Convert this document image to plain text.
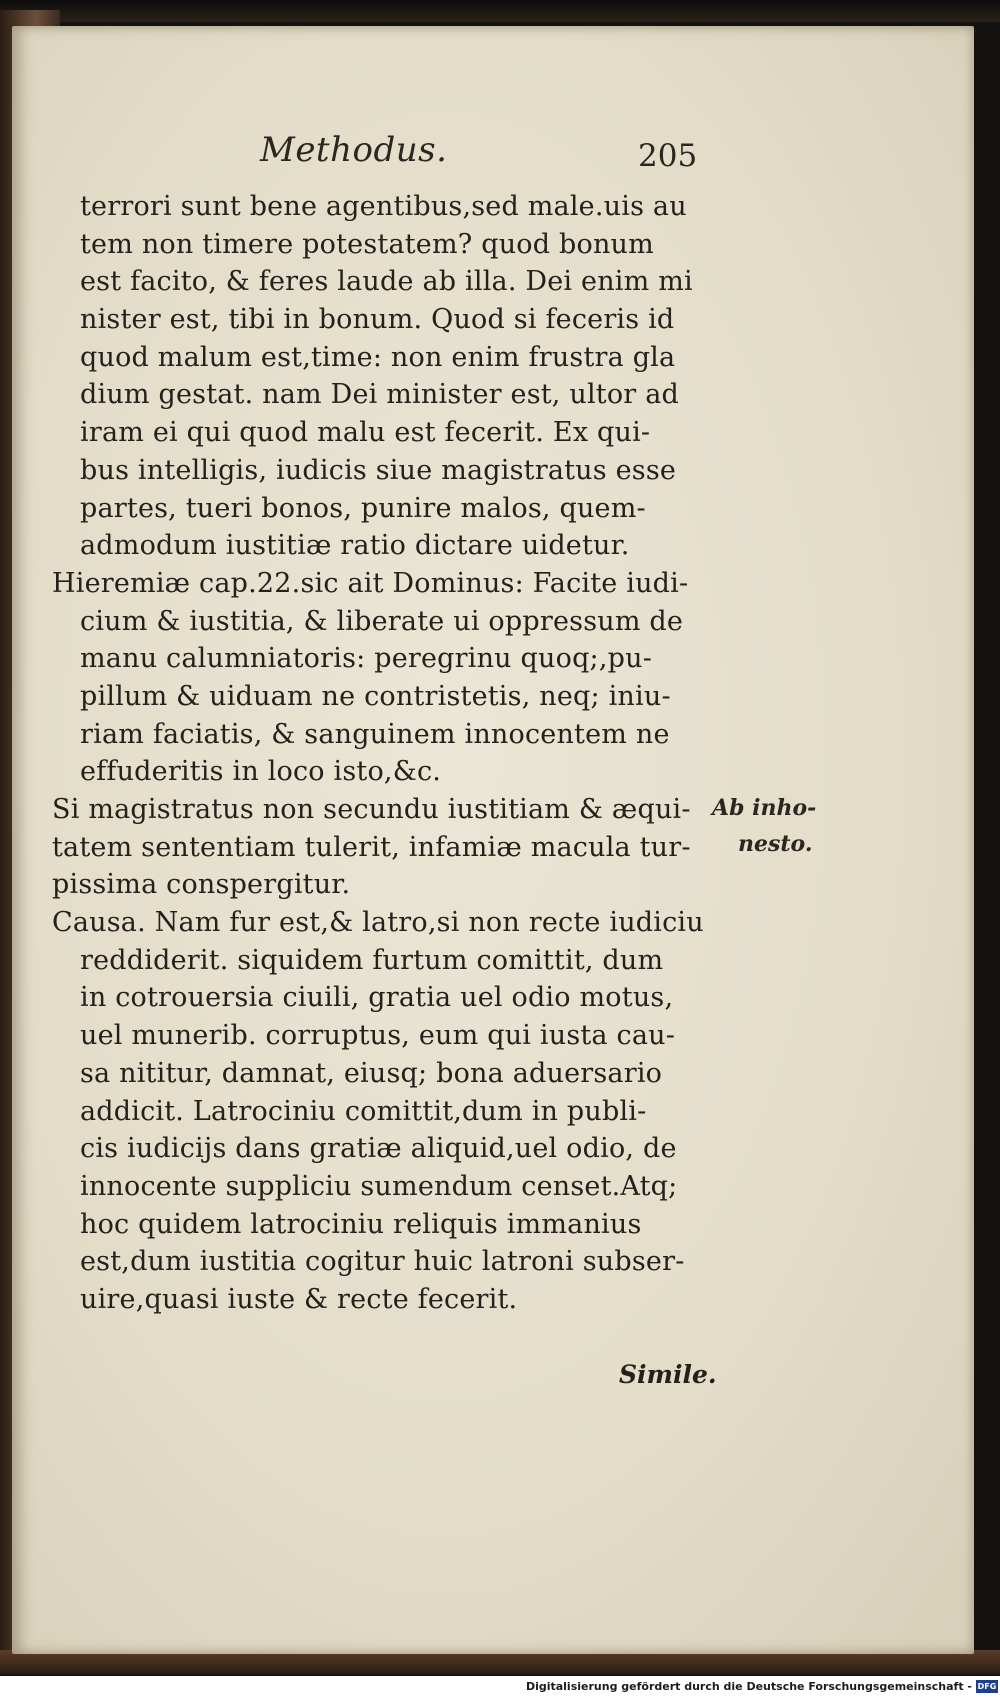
Methodus.	205
terrori sunt bene agentibus,sed male.uis au
tem non timere potestatem? quod bonum
est facito, & feres laude ab illa. Dei enim mi
nister est, tibi in bonum. Quod si feceris id
quod malum est,time: non enim frustra gla
dium gestat. nam Dei minister est, ultor ad
iram ei qui quod malu est fecerit. Ex qui-
bus intelligis, iudicis siue magistratus esse
partes, tueri bonos, punire malos, quem-
admodum iustitiæ ratio dictare uidetur.
Hieremiæ cap.22.sic ait Dominus: Facite iudi-
cium & iustitia, & liberate ui oppressum de
manu calumniatoris: peregrinu quoq;,pu-
pillum & uiduam ne contristetis, neq; iniu-
riam faciatis, & sanguinem innocentem ne
effuderitis in loco isto,&c.
Si magistratus non secundu iustitiam & æqui-
tatem sententiam tulerit, infamiæ macula tur-
pissima conspergitur.
Causa. Nam fur est,& latro,si non recte iudiciu
reddiderit. siquidem furtum comittit, dum
in cotrouersia ciuili, gratia uel odio motus,
uel munerib. corruptus, eum qui iusta cau-
sa nititur, damnat, eiusq; bona aduersario
addicit. Latrociniu comittit,dum in publi-
cis iudicijs dans gratiæ aliquid,uel odio, de
innocente suppliciu sumendum censet.Atq;
hoc quidem latrociniu reliquis immanius
est,dum iustitia cogitur huic latroni subser-
uire,quasi iuste & recte fecerit.
Ab inho-
nesto.
Simile.
Digitalisierung gefördert durch die Deutsche Forschungsgemeinschaft - DFG
